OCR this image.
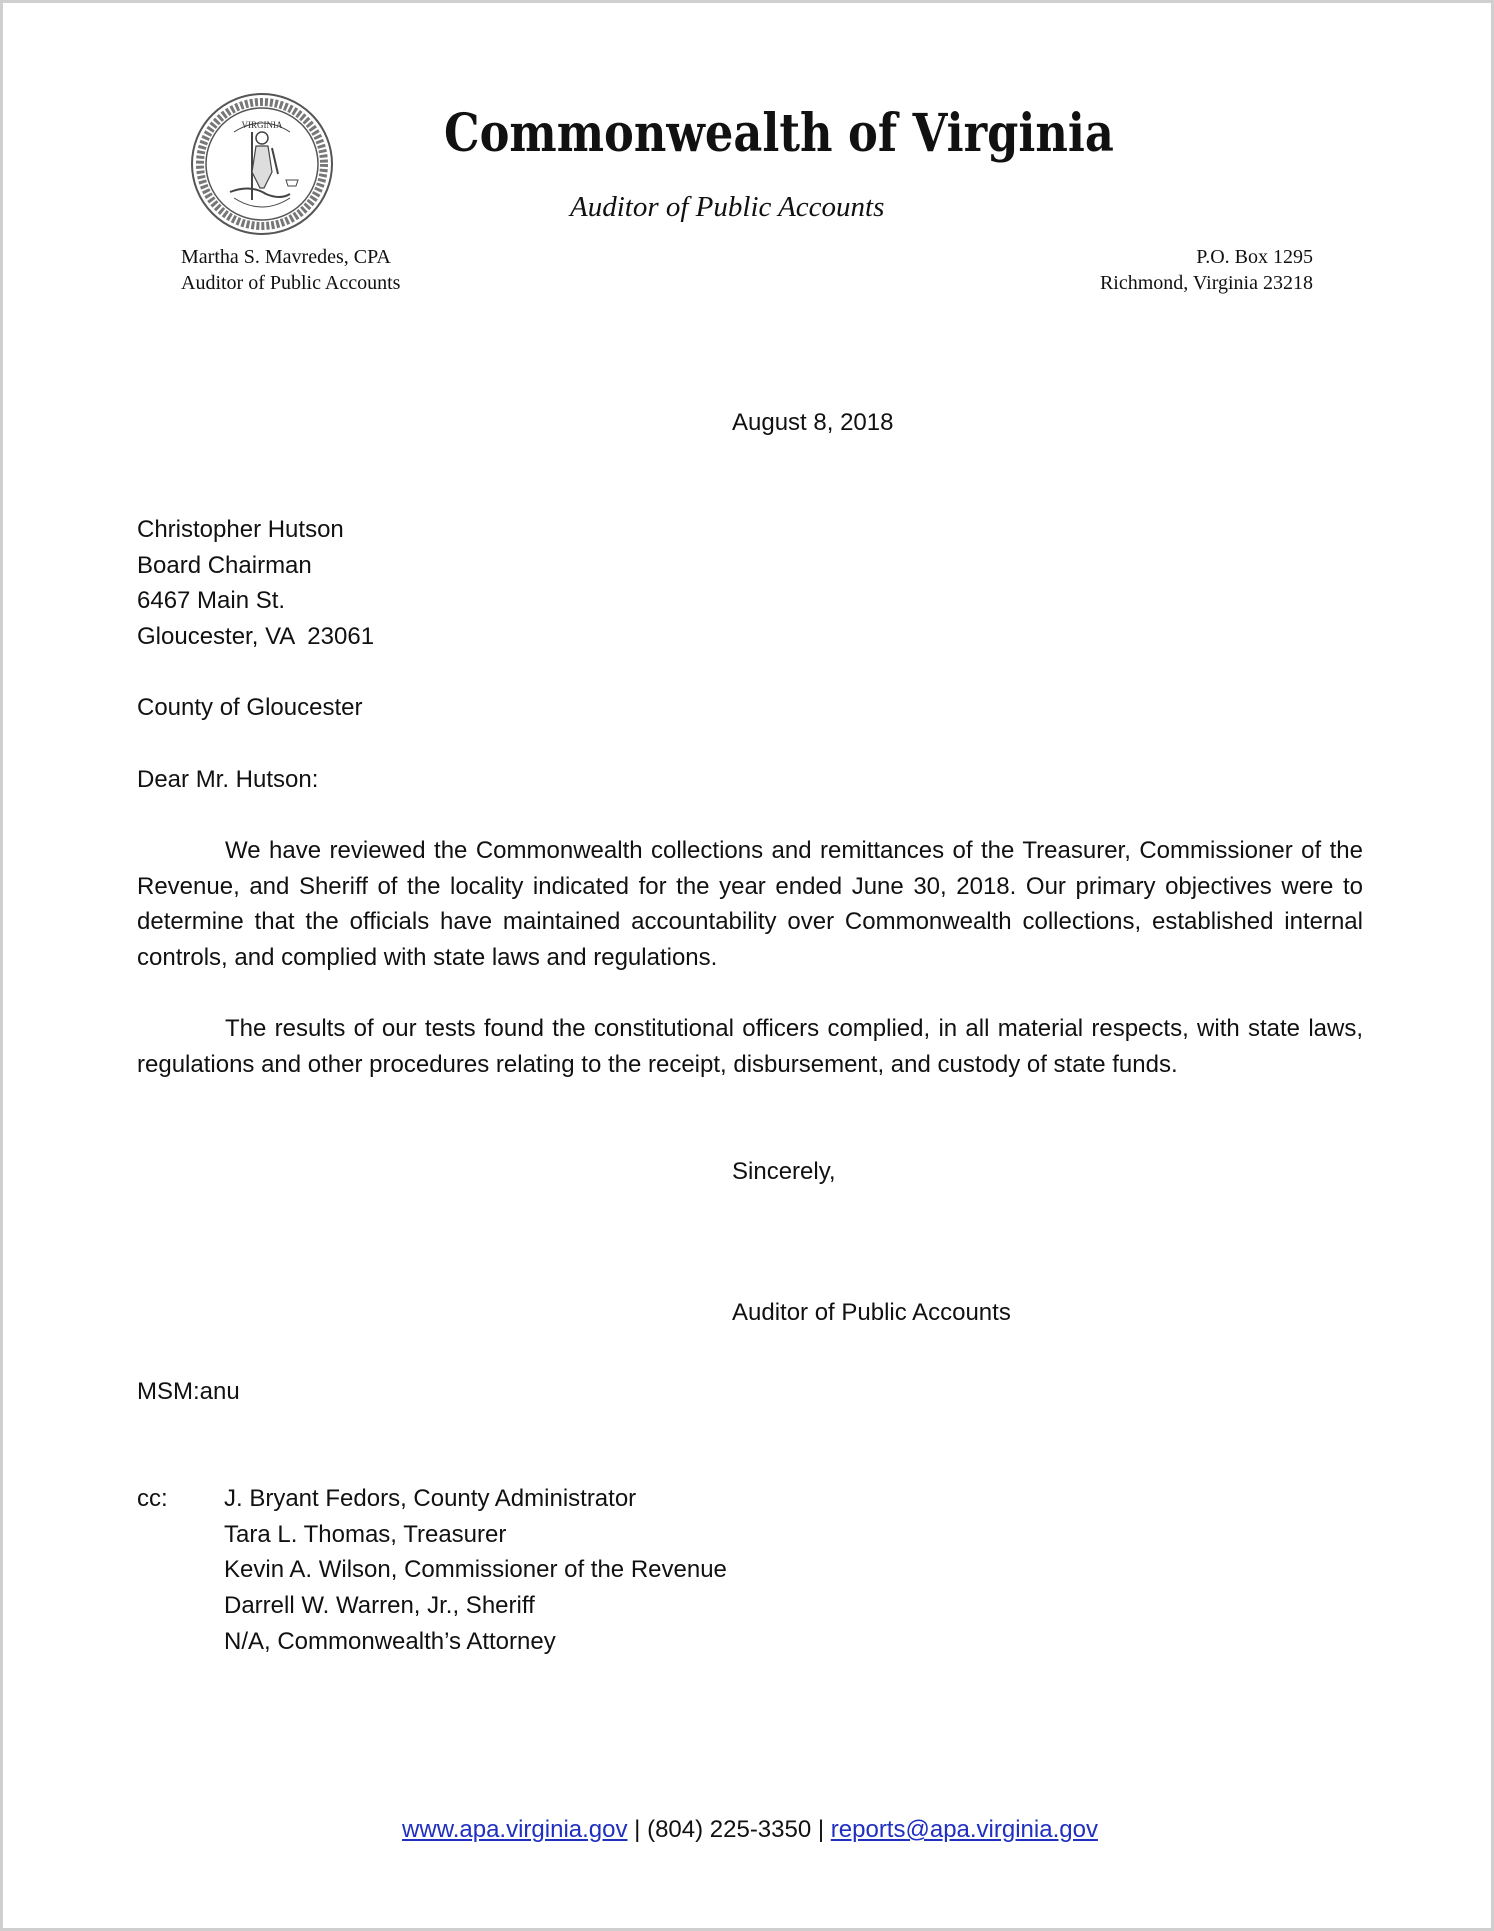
VIRGINIA	Commonwealth of Virginia
Auditor of Public Accounts
Martha S. Mavredes, CPA
Auditor of Public Accounts
P.O. Box 1295
Richmond, Virginia 23218
August 8, 2018
Christopher Hutson
Board Chairman
6467 Main St.
Gloucester, VA  23061
County of Gloucester
Dear Mr. Hutson:
We have reviewed the Commonwealth collections and remittances of the Treasurer, Commissioner of the Revenue, and Sheriff of the locality indicated for the year ended June 30, 2018. Our primary objectives were to determine that the officials have maintained accountability over Commonwealth collections, established internal controls, and complied with state laws and regulations.
The results of our tests found the constitutional officers complied, in all material respects, with state laws, regulations and other procedures relating to the receipt, disbursement, and custody of state funds.
Sincerely,
Auditor of Public Accounts
MSM:anu
cc: J. Bryant Fedors, County Administrator
Tara L. Thomas, Treasurer
Kevin A. Wilson, Commissioner of the Revenue
Darrell W. Warren, Jr., Sheriff
N/A, Commonwealth’s Attorney
www.apa.virginia.gov | (804) 225-3350 | reports@apa.virginia.gov
